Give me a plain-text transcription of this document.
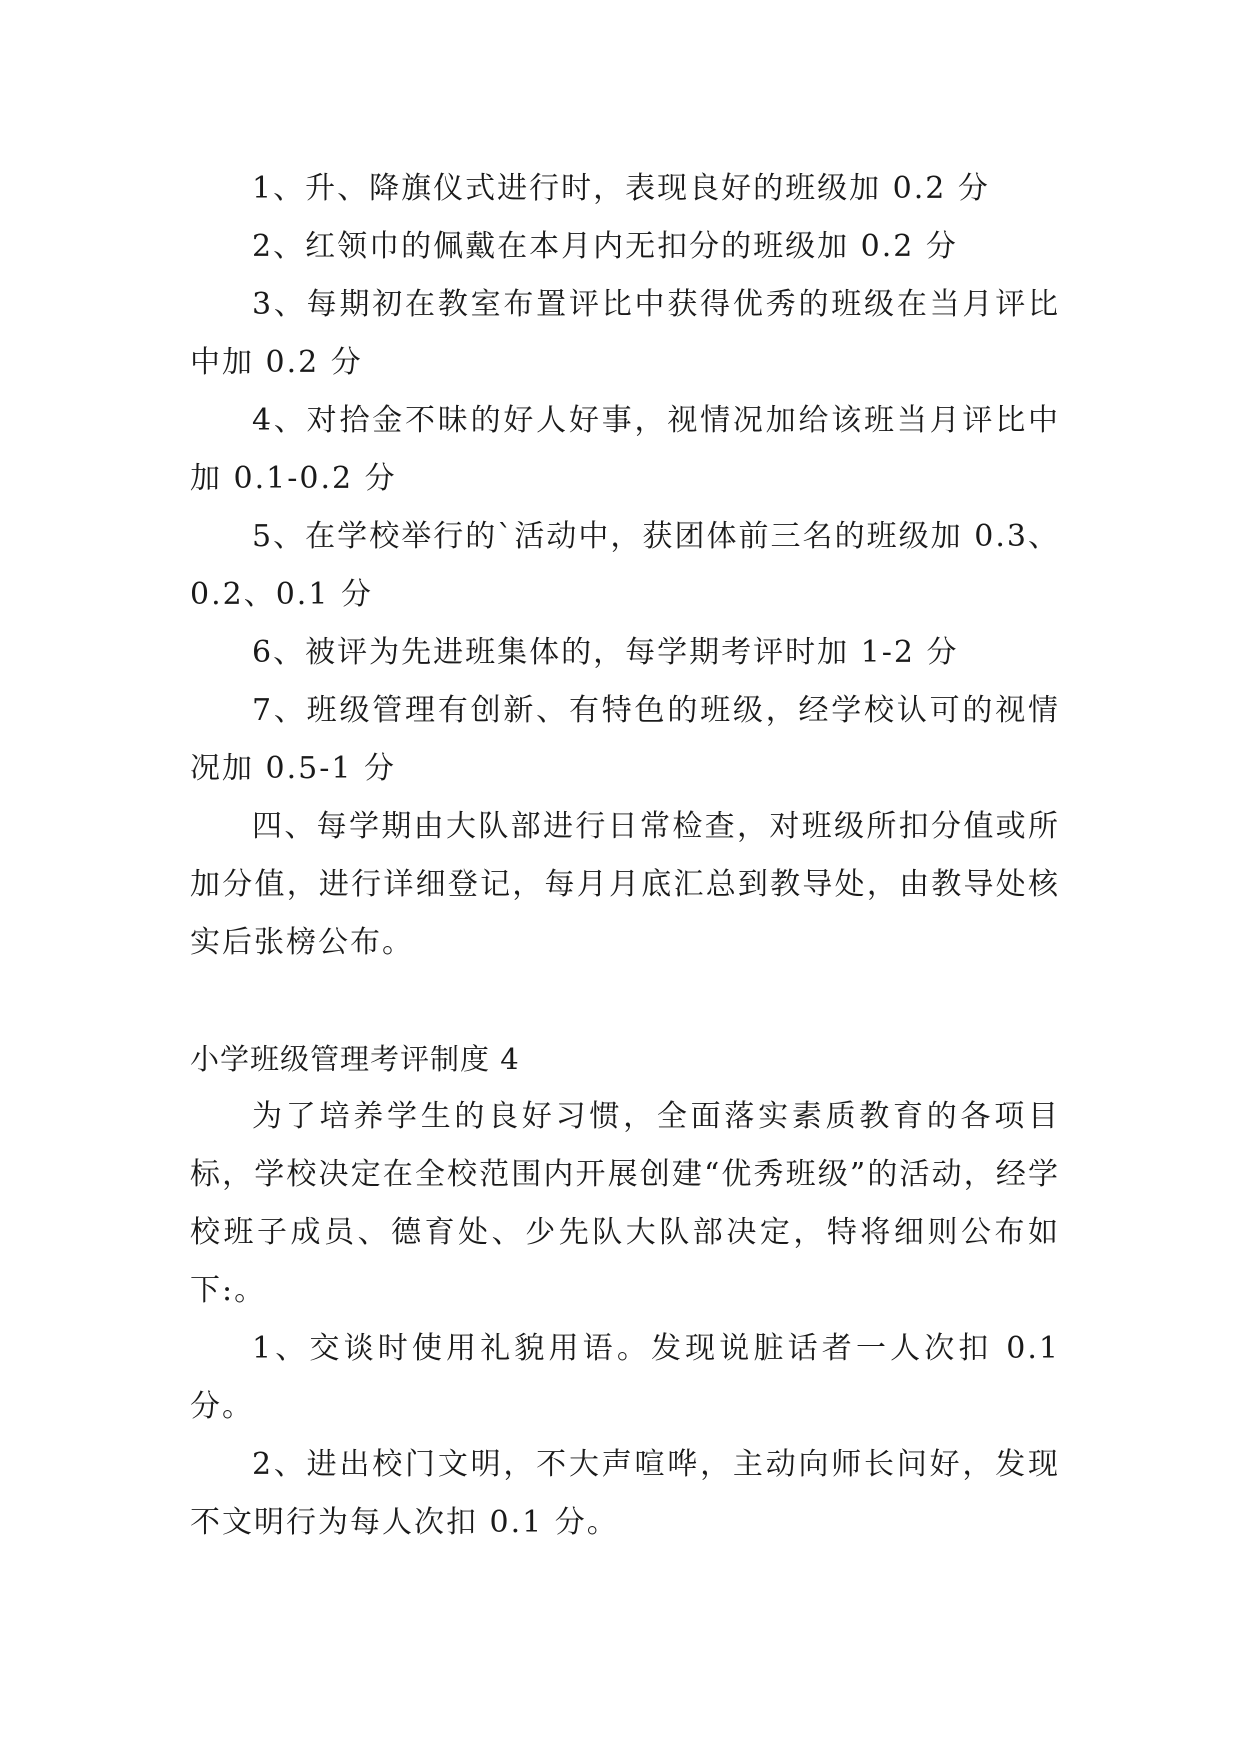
1、升、降旗仪式进行时，表现良好的班级加 0.2 分

2、红领巾的佩戴在本月内无扣分的班级加 0.2 分

3、每期初在教室布置评比中获得优秀的班级在当月评比中加 0.2 分

4、对拾金不昧的好人好事，视情况加给该班当月评比中加 0.1-0.2 分

5、在学校举行的`活动中，获团体前三名的班级加 0.3、0.2、0.1 分

6、被评为先进班集体的，每学期考评时加 1-2 分

7、班级管理有创新、有特色的班级，经学校认可的视情况加 0.5-1 分

四、每学期由大队部进行日常检查，对班级所扣分值或所加分值，进行详细登记，每月月底汇总到教导处，由教导处核实后张榜公布。

小学班级管理考评制度 4

为了培养学生的良好习惯，全面落实素质教育的各项目标，学校决定在全校范围内开展创建“优秀班级”的活动，经学校班子成员、德育处、少先队大队部决定，特将细则公布如下:。

1、交谈时使用礼貌用语。发现说脏话者一人次扣 0.1 分。

2、进出校门文明，不大声喧哗，主动向师长问好，发现不文明行为每人次扣 0.1 分。
